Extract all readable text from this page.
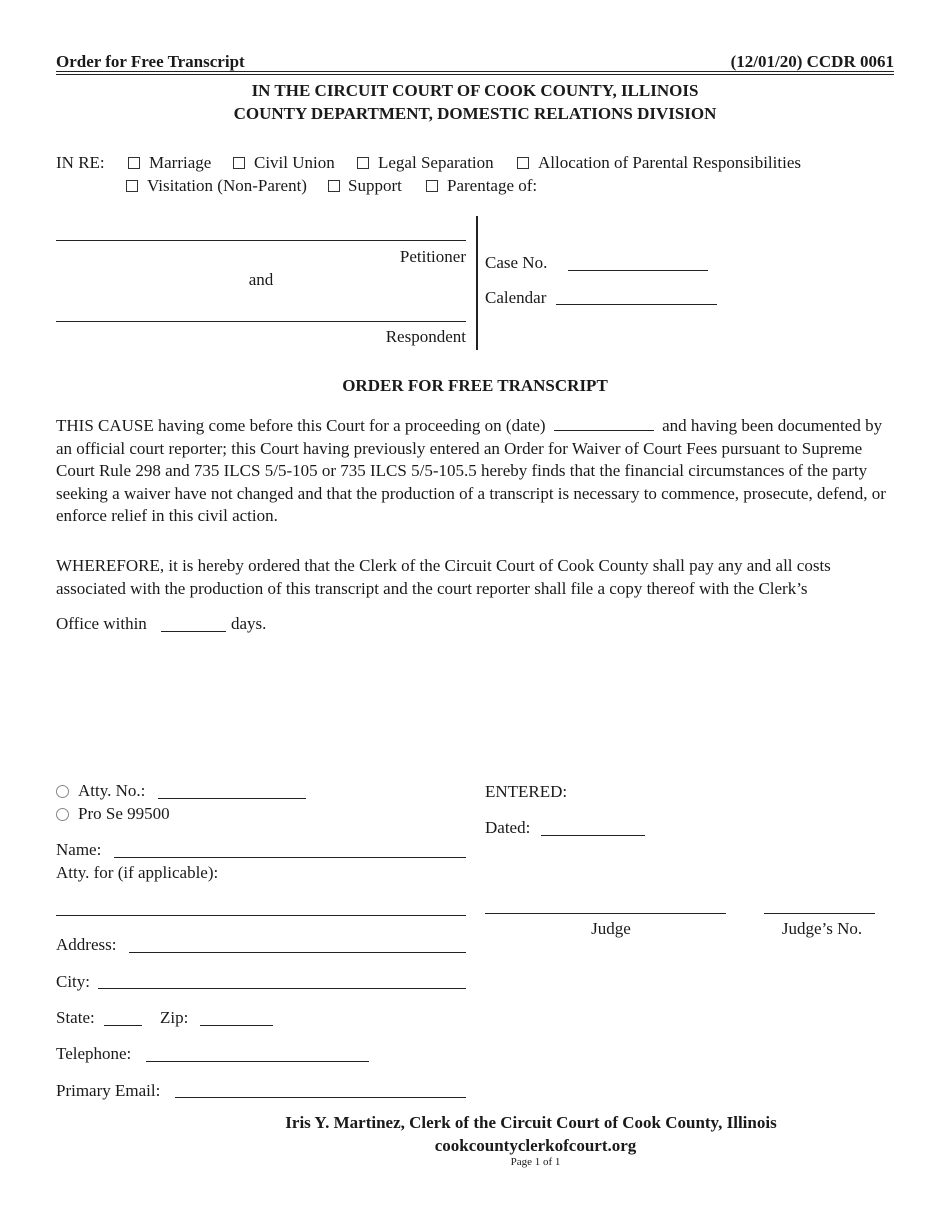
Order for Free Transcript	(12/01/20) CCDR 0061
IN THE CIRCUIT COURT OF COOK COUNTY, ILLINOIS
COUNTY DEPARTMENT, DOMESTIC RELATIONS DIVISION
IN RE:	Marriage	Civil Union	Legal Separation	Allocation of Parental Responsibilities
Visitation (Non-Parent) Support	Parentage of:
Petitioner
and
Respondent
Case No.
Calendar
ORDER FOR FREE TRANSCRIPT
THIS CAUSE having come before this Court for a proceeding on (date)	and having been documented by an official court reporter; this Court having previously entered an Order for Waiver of Court Fees pursuant to Supreme Court Rule 298 and 735 ILCS 5/5-105 or 735 ILCS 5/5-105.5 hereby finds that the financial circumstances of the party seeking a waiver have not changed and that the production of a transcript is necessary to commence, prosecute, defend, or enforce relief in this civil action.
WHEREFORE, it is hereby ordered that the Clerk of the Circuit Court of Cook County shall pay any and all costs associated with the production of this transcript and the court reporter shall file a copy thereof with the Clerk’s
Office within	days.
Atty. No.:
Pro Se 99500
Name:
Atty. for (if applicable):
Address:
City:
State:	Zip:
Telephone:
Primary Email:
ENTERED:
Dated:
Judge	Judge’s No.
Iris Y. Martinez, Clerk of the Circuit Court of Cook County, Illinois
cookcountyclerkofcourt.org
Page 1 of 1
